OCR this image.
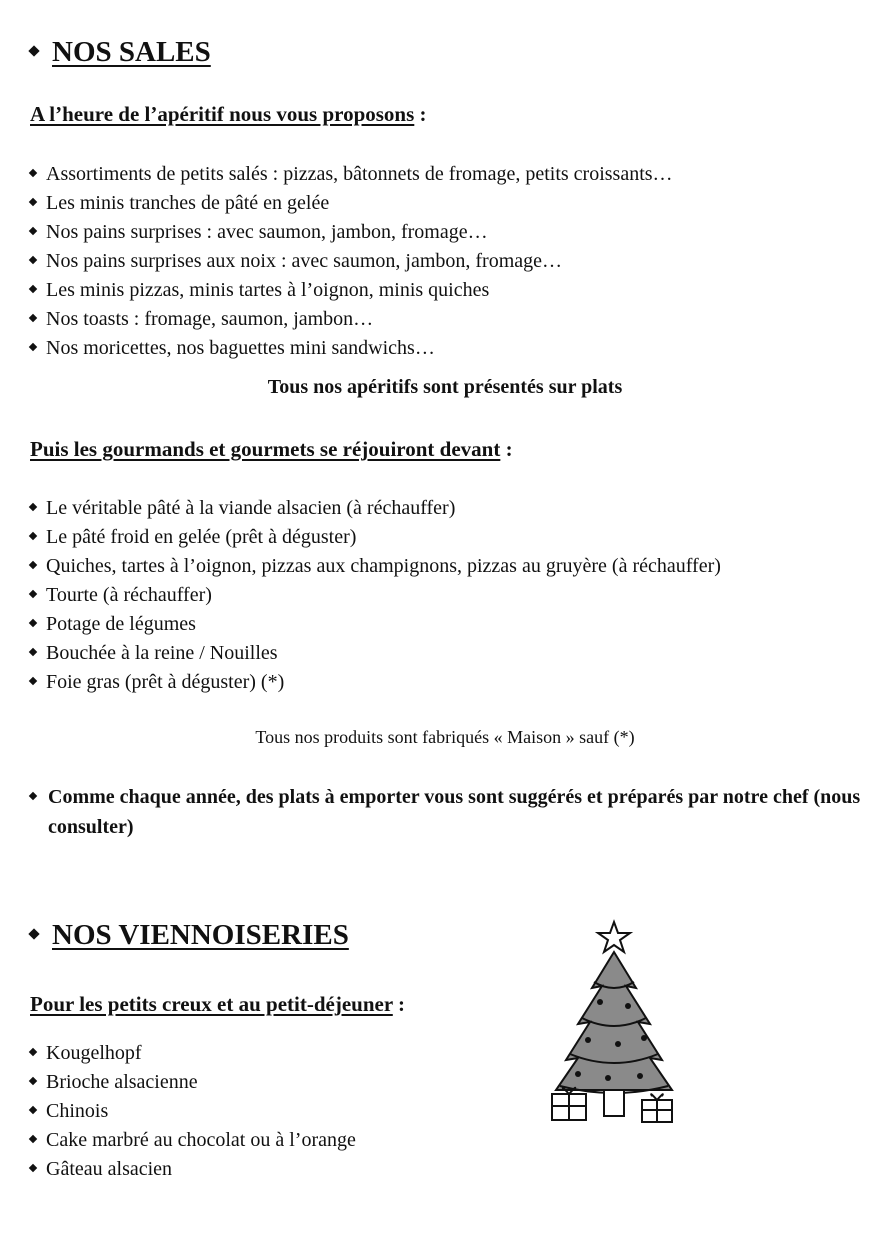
NOS SALES
A l’heure de l’apéritif nous vous proposons :
Assortiments de petits salés : pizzas, bâtonnets de fromage, petits croissants…
Les minis tranches de pâté en gelée
Nos pains surprises : avec saumon, jambon, fromage…
Nos pains surprises aux noix : avec saumon, jambon, fromage…
Les minis pizzas, minis tartes à l’oignon, minis quiches
Nos toasts : fromage, saumon, jambon…
Nos moricettes, nos baguettes mini sandwichs…
Tous nos apéritifs sont présentés sur plats
Puis les gourmands et gourmets se réjouiront devant :
Le véritable pâté à la viande alsacien (à réchauffer)
Le pâté froid en gelée (prêt à déguster)
Quiches, tartes à l’oignon, pizzas aux champignons, pizzas au gruyère (à réchauffer)
Tourte (à réchauffer)
Potage de légumes
Bouchée à la reine / Nouilles
Foie gras (prêt à déguster) (*)
Tous nos produits sont fabriqués « Maison » sauf (*)
Comme chaque année, des plats à emporter vous sont suggérés et préparés par notre chef (nous consulter)
NOS VIENNOISERIES
Pour les petits creux et au petit-déjeuner :
Kougelhopf
Brioche alsacienne
Chinois
Cake marbré au chocolat ou à l’orange
Gâteau alsacien
